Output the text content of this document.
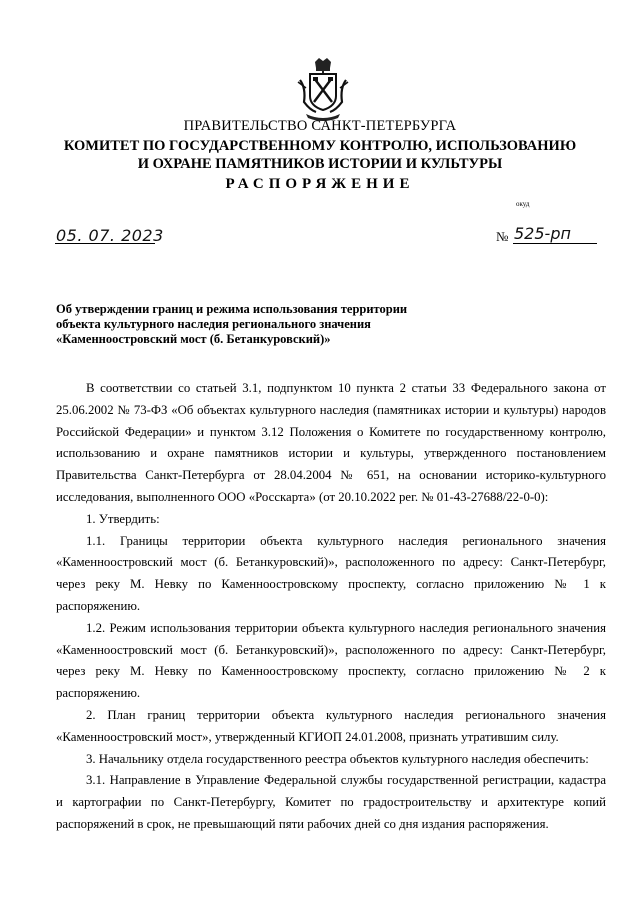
ПРАВИТЕЛЬСТВО САНКТ-ПЕТЕРБУРГА
КОМИТЕТ ПО ГОСУДАРСТВЕННОМУ КОНТРОЛЮ, ИСПОЛЬЗОВАНИЮ
И ОХРАНЕ ПАМЯТНИКОВ ИСТОРИИ И КУЛЬТУРЫ
РАСПОРЯЖЕНИЕ
окуд
05. 07. 2023	№ 525-рп
Об утверждении границ и режима использования территории
объекта культурного наследия регионального значения
«Каменноостровский мост (б. Бетанкуровский)»

В соответствии со статьей 3.1, подпунктом 10 пункта 2 статьи 33 Федерального закона от 25.06.2002 № 73-ФЗ «Об объектах культурного наследия (памятниках истории и культуры) народов Российской Федерации» и пунктом 3.12 Положения о Комитете по государственному контролю, использованию и охране памятников истории и культуры, утвержденного постановлением Правительства Санкт-Петербурга от 28.04.2004 № 651, на основании историко-культурного исследования, выполненного ООО «Росскарта» (от 20.10.2022 рег. № 01-43-27688/22-0-0):

1. Утвердить:

1.1. Границы территории объекта культурного наследия регионального значения «Каменноостровский мост (б. Бетанкуровский)», расположенного по адресу: Санкт-Петербург, через реку М. Невку по Каменноостровскому проспекту, согласно приложению № 1 к распоряжению.

1.2. Режим использования территории объекта культурного наследия регионального значения «Каменноостровский мост (б. Бетанкуровский)», расположенного по адресу: Санкт-Петербург, через реку М. Невку по Каменноостровскому проспекту, согласно приложению № 2 к распоряжению.

2. План границ территории объекта культурного наследия регионального значения «Каменноостровский мост», утвержденный КГИОП 24.01.2008, признать утратившим силу.

3. Начальнику отдела государственного реестра объектов культурного наследия обеспечить:

3.1. Направление в Управление Федеральной службы государственной регистрации, кадастра и картографии по Санкт-Петербургу, Комитет по градостроительству и архитектуре копий распоряжений в срок, не превышающий пяти рабочих дней со дня издания распоряжения.
